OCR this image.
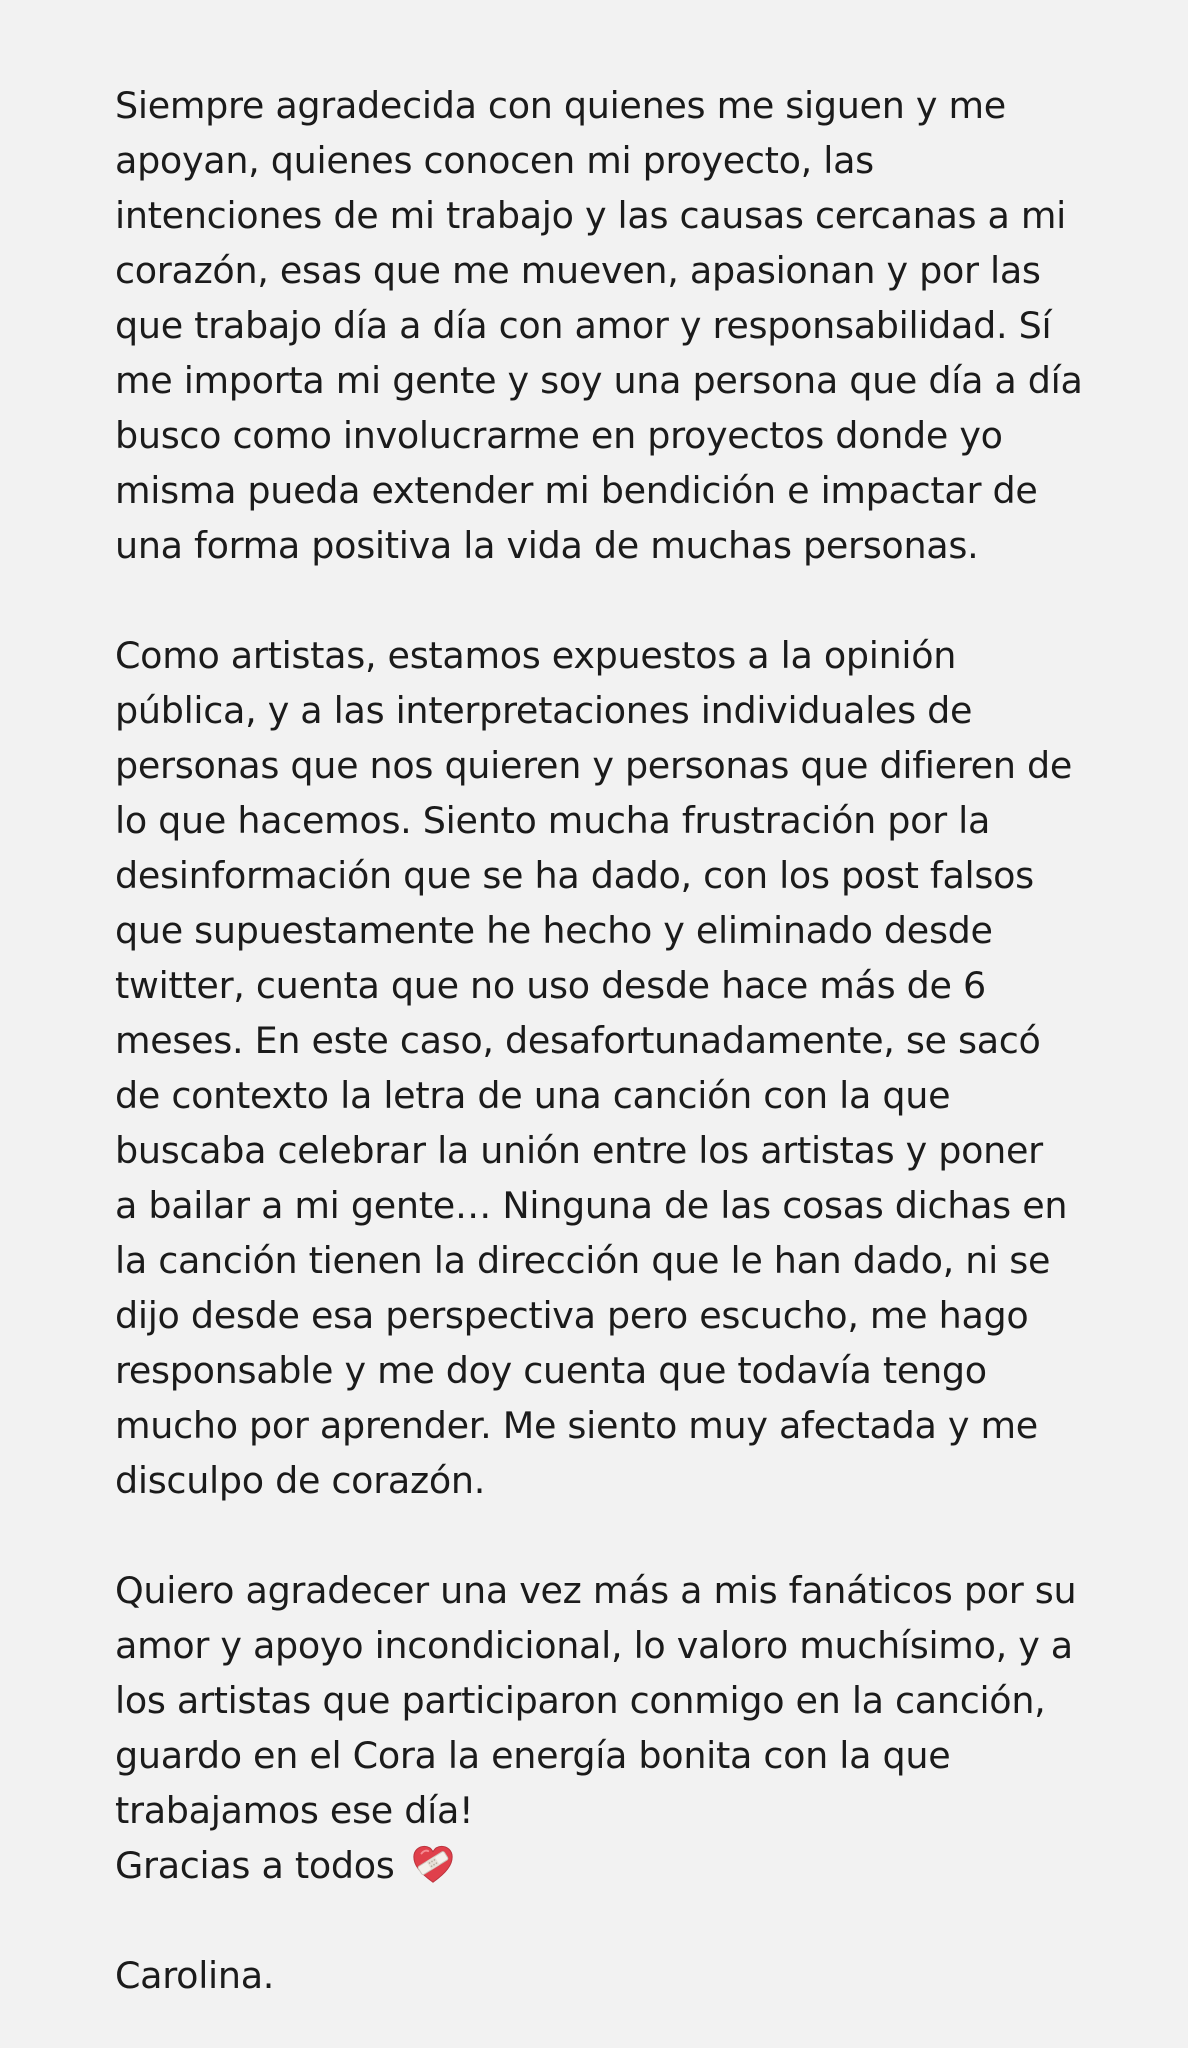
Siempre agradecida con quienes me siguen y me
apoyan, quienes conocen mi proyecto, las
intenciones de mi trabajo y las causas cercanas a mi
corazón, esas que me mueven, apasionan y por las
que trabajo día a día con amor y responsabilidad. Sí
me importa mi gente y soy una persona que día a día
busco como involucrarme en proyectos donde yo
misma pueda extender mi bendición e impactar de
una forma positiva la vida de muchas personas.
Como artistas, estamos expuestos a la opinión
pública, y a las interpretaciones individuales de
personas que nos quieren y personas que difieren de
lo que hacemos. Siento mucha frustración por la
desinformación que se ha dado, con los post falsos
que supuestamente he hecho y eliminado desde
twitter, cuenta que no uso desde hace más de 6
meses. En este caso, desafortunadamente, se sacó
de contexto la letra de una canción con la que
buscaba celebrar la unión entre los artistas y poner
a bailar a mi gente… Ninguna de las cosas dichas en
la canción tienen la dirección que le han dado, ni se
dijo desde esa perspectiva pero escucho, me hago
responsable y me doy cuenta que todavía tengo
mucho por aprender. Me siento muy afectada y me
disculpo de corazón.
Quiero agradecer una vez más a mis fanáticos por su
amor y apoyo incondicional, lo valoro muchísimo, y a
los artistas que participaron conmigo en la canción,
guardo en el Cora la energía bonita con la que
trabajamos ese día!
Gracias a todos
Carolina.
